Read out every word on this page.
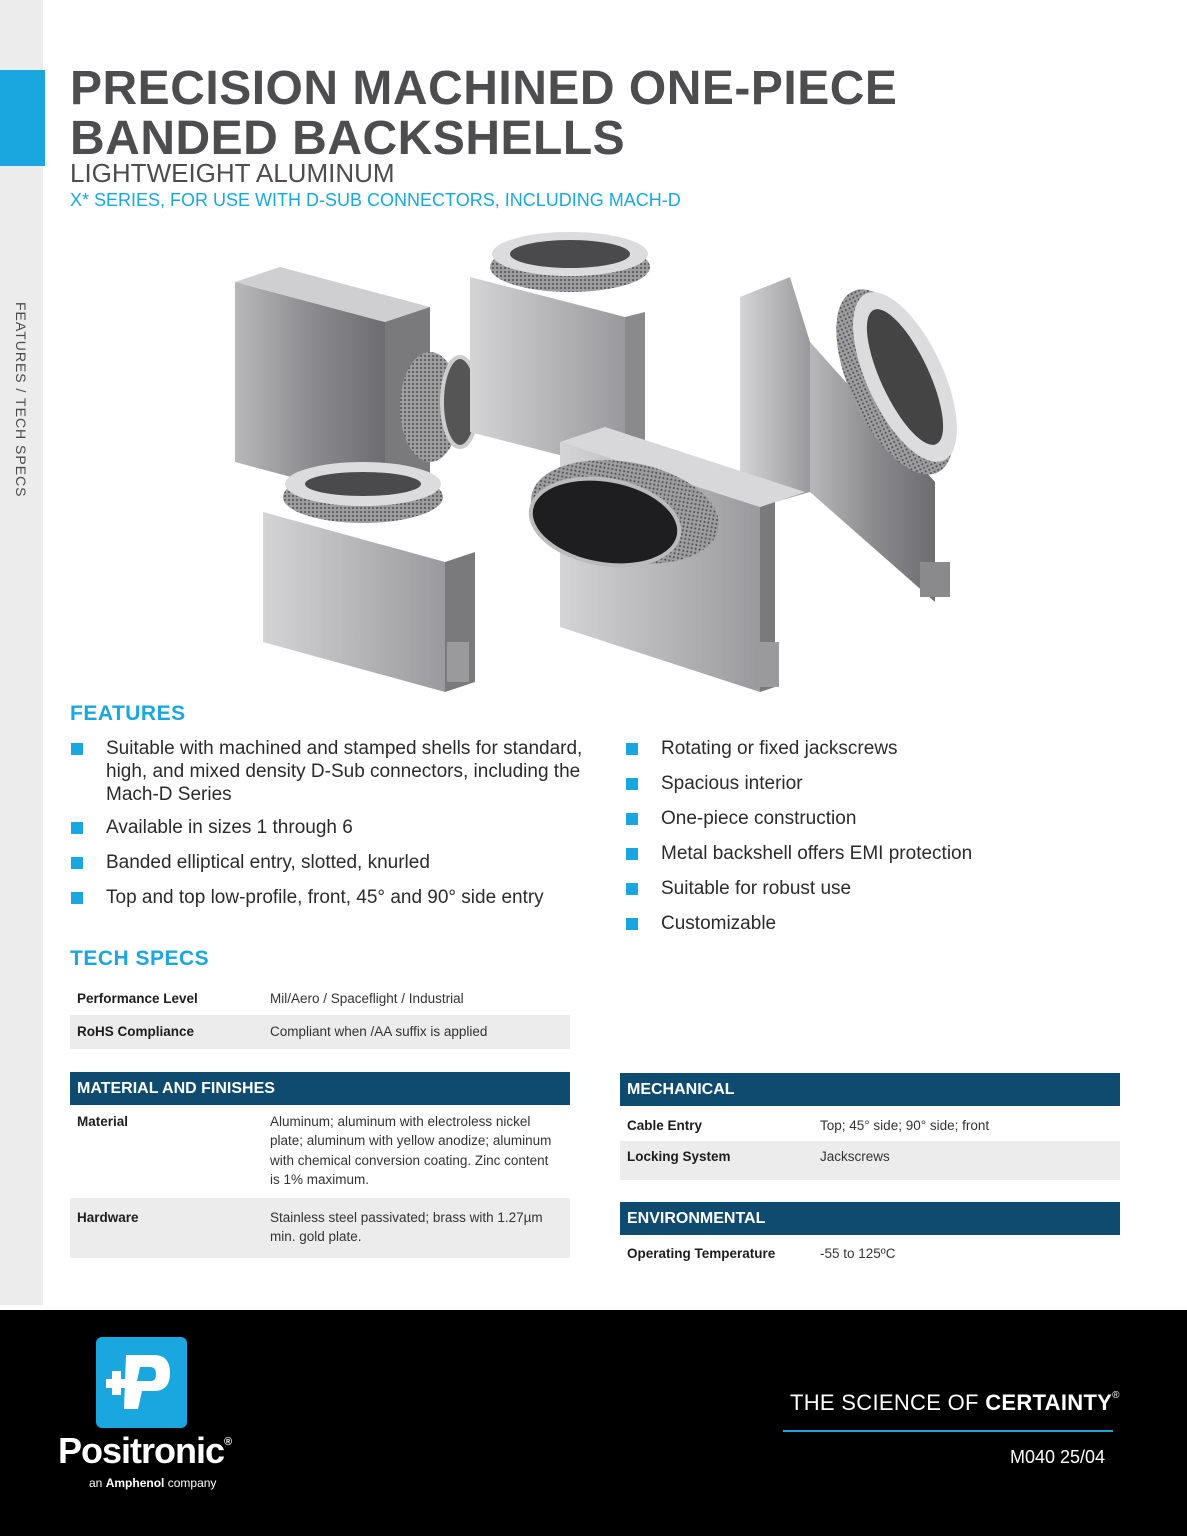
FEATURES / TECH SPECS
PRECISION MACHINED ONE-PIECE
BANDED BACKSHELLS
LIGHTWEIGHT ALUMINUM
X* SERIES, FOR USE WITH D-SUB CONNECTORS, INCLUDING MACH-D
FEATURES
Suitable with machined and stamped shells for standard, high, and mixed density D-Sub connectors, including the Mach-D Series
Available in sizes 1 through 6
Banded elliptical entry, slotted, knurled
Top and top low-profile, front, 45° and 90° side entry
Rotating or fixed jackscrews
Spacious interior
One-piece construction
Metal backshell offers EMI protection
Suitable for robust use
Customizable
TECH SPECS
Performance Level	Mil/Aero / Spaceflight / Industrial
RoHS Compliance	Compliant when /AA suffix is applied
MATERIAL AND FINISHES
Material	Aluminum; aluminum with electroless nickel plate; aluminum with yellow anodize; aluminum with chemical conversion coating. Zinc content is 1% maximum.
Hardware	Stainless steel passivated; brass with 1.27µm min. gold plate.
MECHANICAL
Cable Entry	Top; 45° side; 90° side; front
Locking System	Jackscrews
ENVIRONMENTAL
Operating Temperature	-55 to 125ºC
Positronic®
an Amphenol company
THE SCIENCE OF CERTAINTY®
M040 25/04
